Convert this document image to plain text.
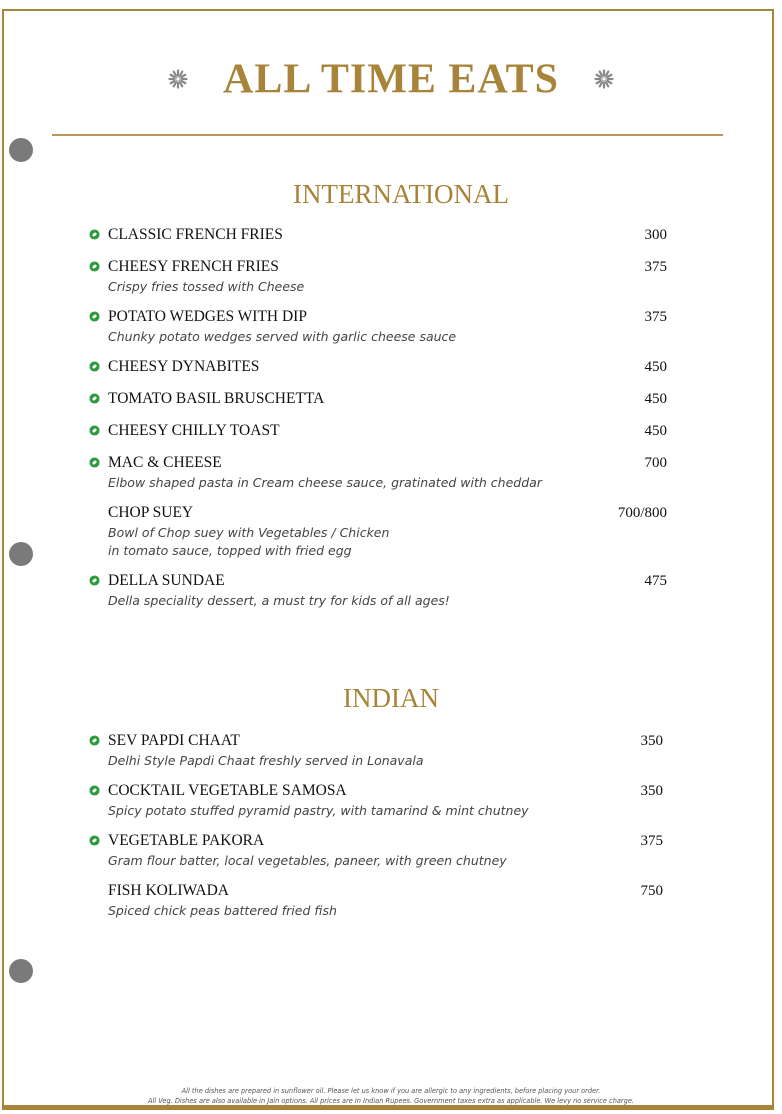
ALL TIME EATS
INTERNATIONAL
CLASSIC FRENCH FRIES	300
CHEESY FRENCH FRIES	375
Crispy fries tossed with Cheese
POTATO WEDGES WITH DIP	375
Chunky potato wedges served with garlic cheese sauce
CHEESY DYNABITES	450
TOMATO BASIL BRUSCHETTA	450
CHEESY CHILLY TOAST	450
MAC & CHEESE	700
Elbow shaped pasta in Cream cheese sauce, gratinated with cheddar
CHOP SUEY	700/800
Bowl of Chop suey with Vegetables / Chicken
in tomato sauce, topped with fried egg
DELLA SUNDAE	475
Della speciality dessert, a must try for kids of all ages!
INDIAN
SEV PAPDI CHAAT	350
Delhi Style Papdi Chaat freshly served in Lonavala
COCKTAIL VEGETABLE SAMOSA	350
Spicy potato stuffed pyramid pastry, with tamarind & mint chutney
VEGETABLE PAKORA	375
Gram flour batter, local vegetables, paneer, with green chutney
FISH KOLIWADA	750
Spiced chick peas battered fried fish
All the dishes are prepared in sunflower oil. Please let us know if you are allergic to any ingredients, before placing your order.
All Veg. Dishes are also available in Jain options. All prices are in Indian Rupees. Government taxes extra as applicable. We levy no service charge.
